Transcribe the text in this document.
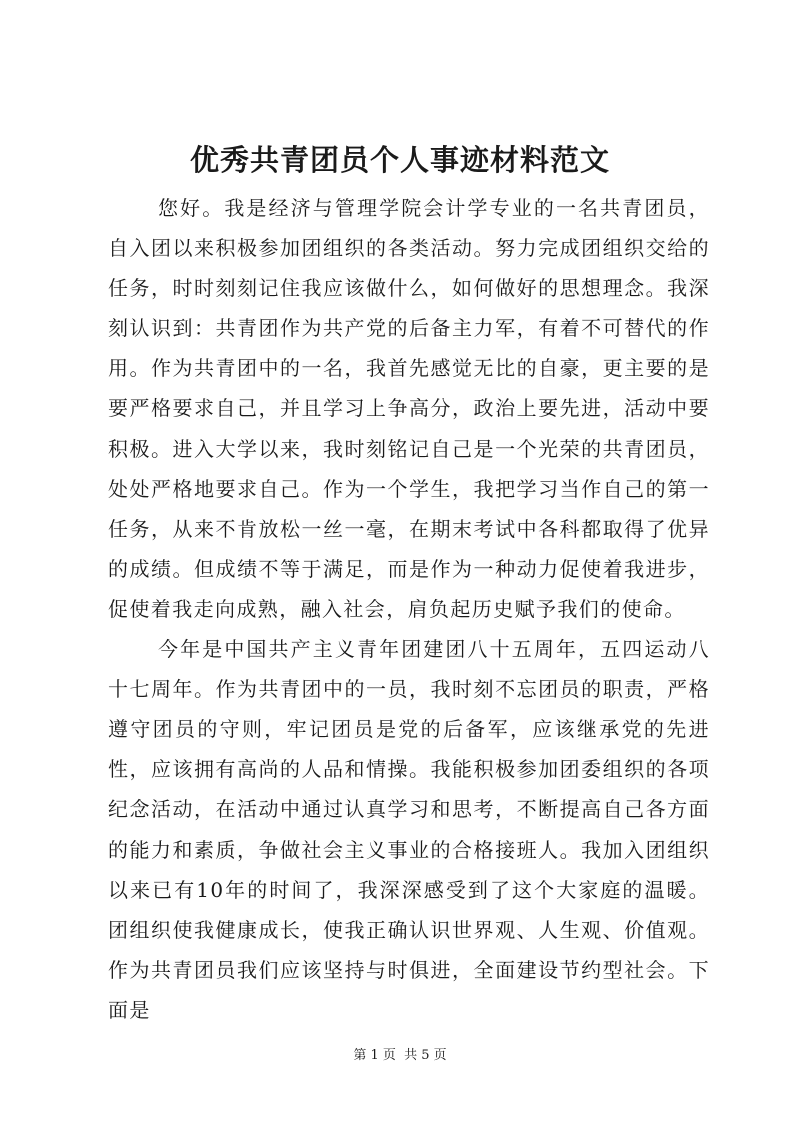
优秀共青团员个人事迹材料范文

您好。我是经济与管理学院会计学专业的一名共青团员，自入团以来积极参加团组织的各类活动。努力完成团组织交给的任务，时时刻刻记住我应该做什么，如何做好的思想理念。我深刻认识到：共青团作为共产党的后备主力军，有着不可替代的作用。作为共青团中的一名，我首先感觉无比的自豪，更主要的是要严格要求自己，并且学习上争高分，政治上要先进，活动中要积极。进入大学以来，我时刻铭记自己是一个光荣的共青团员，处处严格地要求自己。作为一个学生，我把学习当作自己的第一任务，从来不肯放松一丝一毫，在期末考试中各科都取得了优异的成绩。但成绩不等于满足，而是作为一种动力促使着我进步，促使着我走向成熟，融入社会，肩负起历史赋予我们的使命。

今年是中国共产主义青年团建团八十五周年，五四运动八十七周年。作为共青团中的一员，我时刻不忘团员的职责，严格遵守团员的守则，牢记团员是党的后备军，应该继承党的先进性，应该拥有高尚的人品和情操。我能积极参加团委组织的各项纪念活动，在活动中通过认真学习和思考，不断提高自己各方面的能力和素质，争做社会主义事业的合格接班人。我加入团组织以来已有10年的时间了，我深深感受到了这个大家庭的温暖。团组织使我健康成长，使我正确认识世界观、人生观、价值观。作为共青团员我们应该坚持与时俱进，全面建设节约型社会。下面是

第 1 页 共 5 页
